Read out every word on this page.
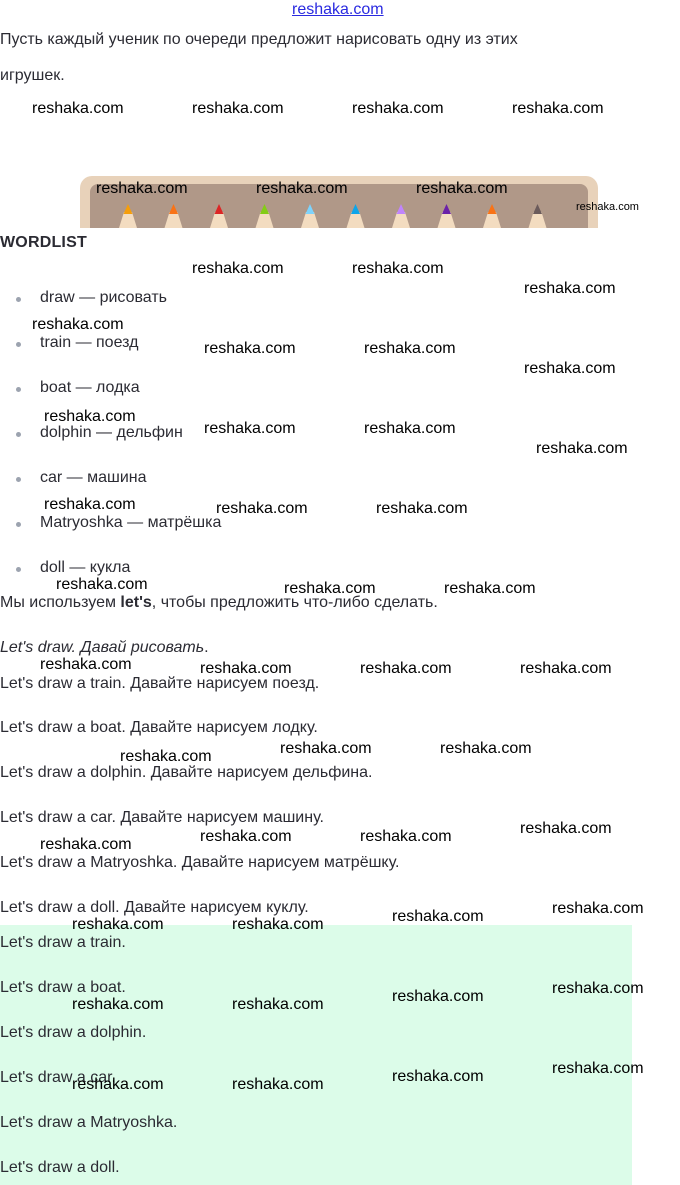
reshaka.com
Пусть каждый ученик по очереди предложит нарисовать одну из этих
игрушек.
WORDLIST
draw — рисовать
train — поезд
boat — лодка
dolphin — дельфин
car — машина
Matryoshka — матрёшка
doll — кукла
Мы используем let's, чтобы предложить что-либо сделать.
Let's draw. Давай рисовать.
Let's draw a train. Давайте нарисуем поезд.
Let's draw a boat. Давайте нарисуем лодку.
Let's draw a dolphin. Давайте нарисуем дельфина.
Let's draw a car. Давайте нарисуем машину.
Let's draw a Matryoshka. Давайте нарисуем матрёшку.
Let's draw a doll. Давайте нарисуем куклу.
Let's draw a train.
Let's draw a boat.
Let's draw a dolphin.
Let's draw a car.
Let's draw a Matryoshka.
Let's draw a doll.
reshaka.com	reshaka.com	reshaka.com	reshaka.com
reshaka.com	reshaka.com	reshaka.com
reshaka.com
reshaka.com	reshaka.com
reshaka.com
reshaka.com
reshaka.com	reshaka.com
reshaka.com
reshaka.com
reshaka.com	reshaka.com
reshaka.com
reshaka.com	reshaka.com	reshaka.com
reshaka.com	reshaka.com	reshaka.com
reshaka.com	reshaka.com	reshaka.com	reshaka.com
reshaka.com	reshaka.com
reshaka.com
reshaka.com
reshaka.com	reshaka.com
reshaka.com
reshaka.com
reshaka.com
reshaka.com	reshaka.com
reshaka.com
reshaka.com
reshaka.com	reshaka.com
reshaka.com
reshaka.com
reshaka.com	reshaka.com
